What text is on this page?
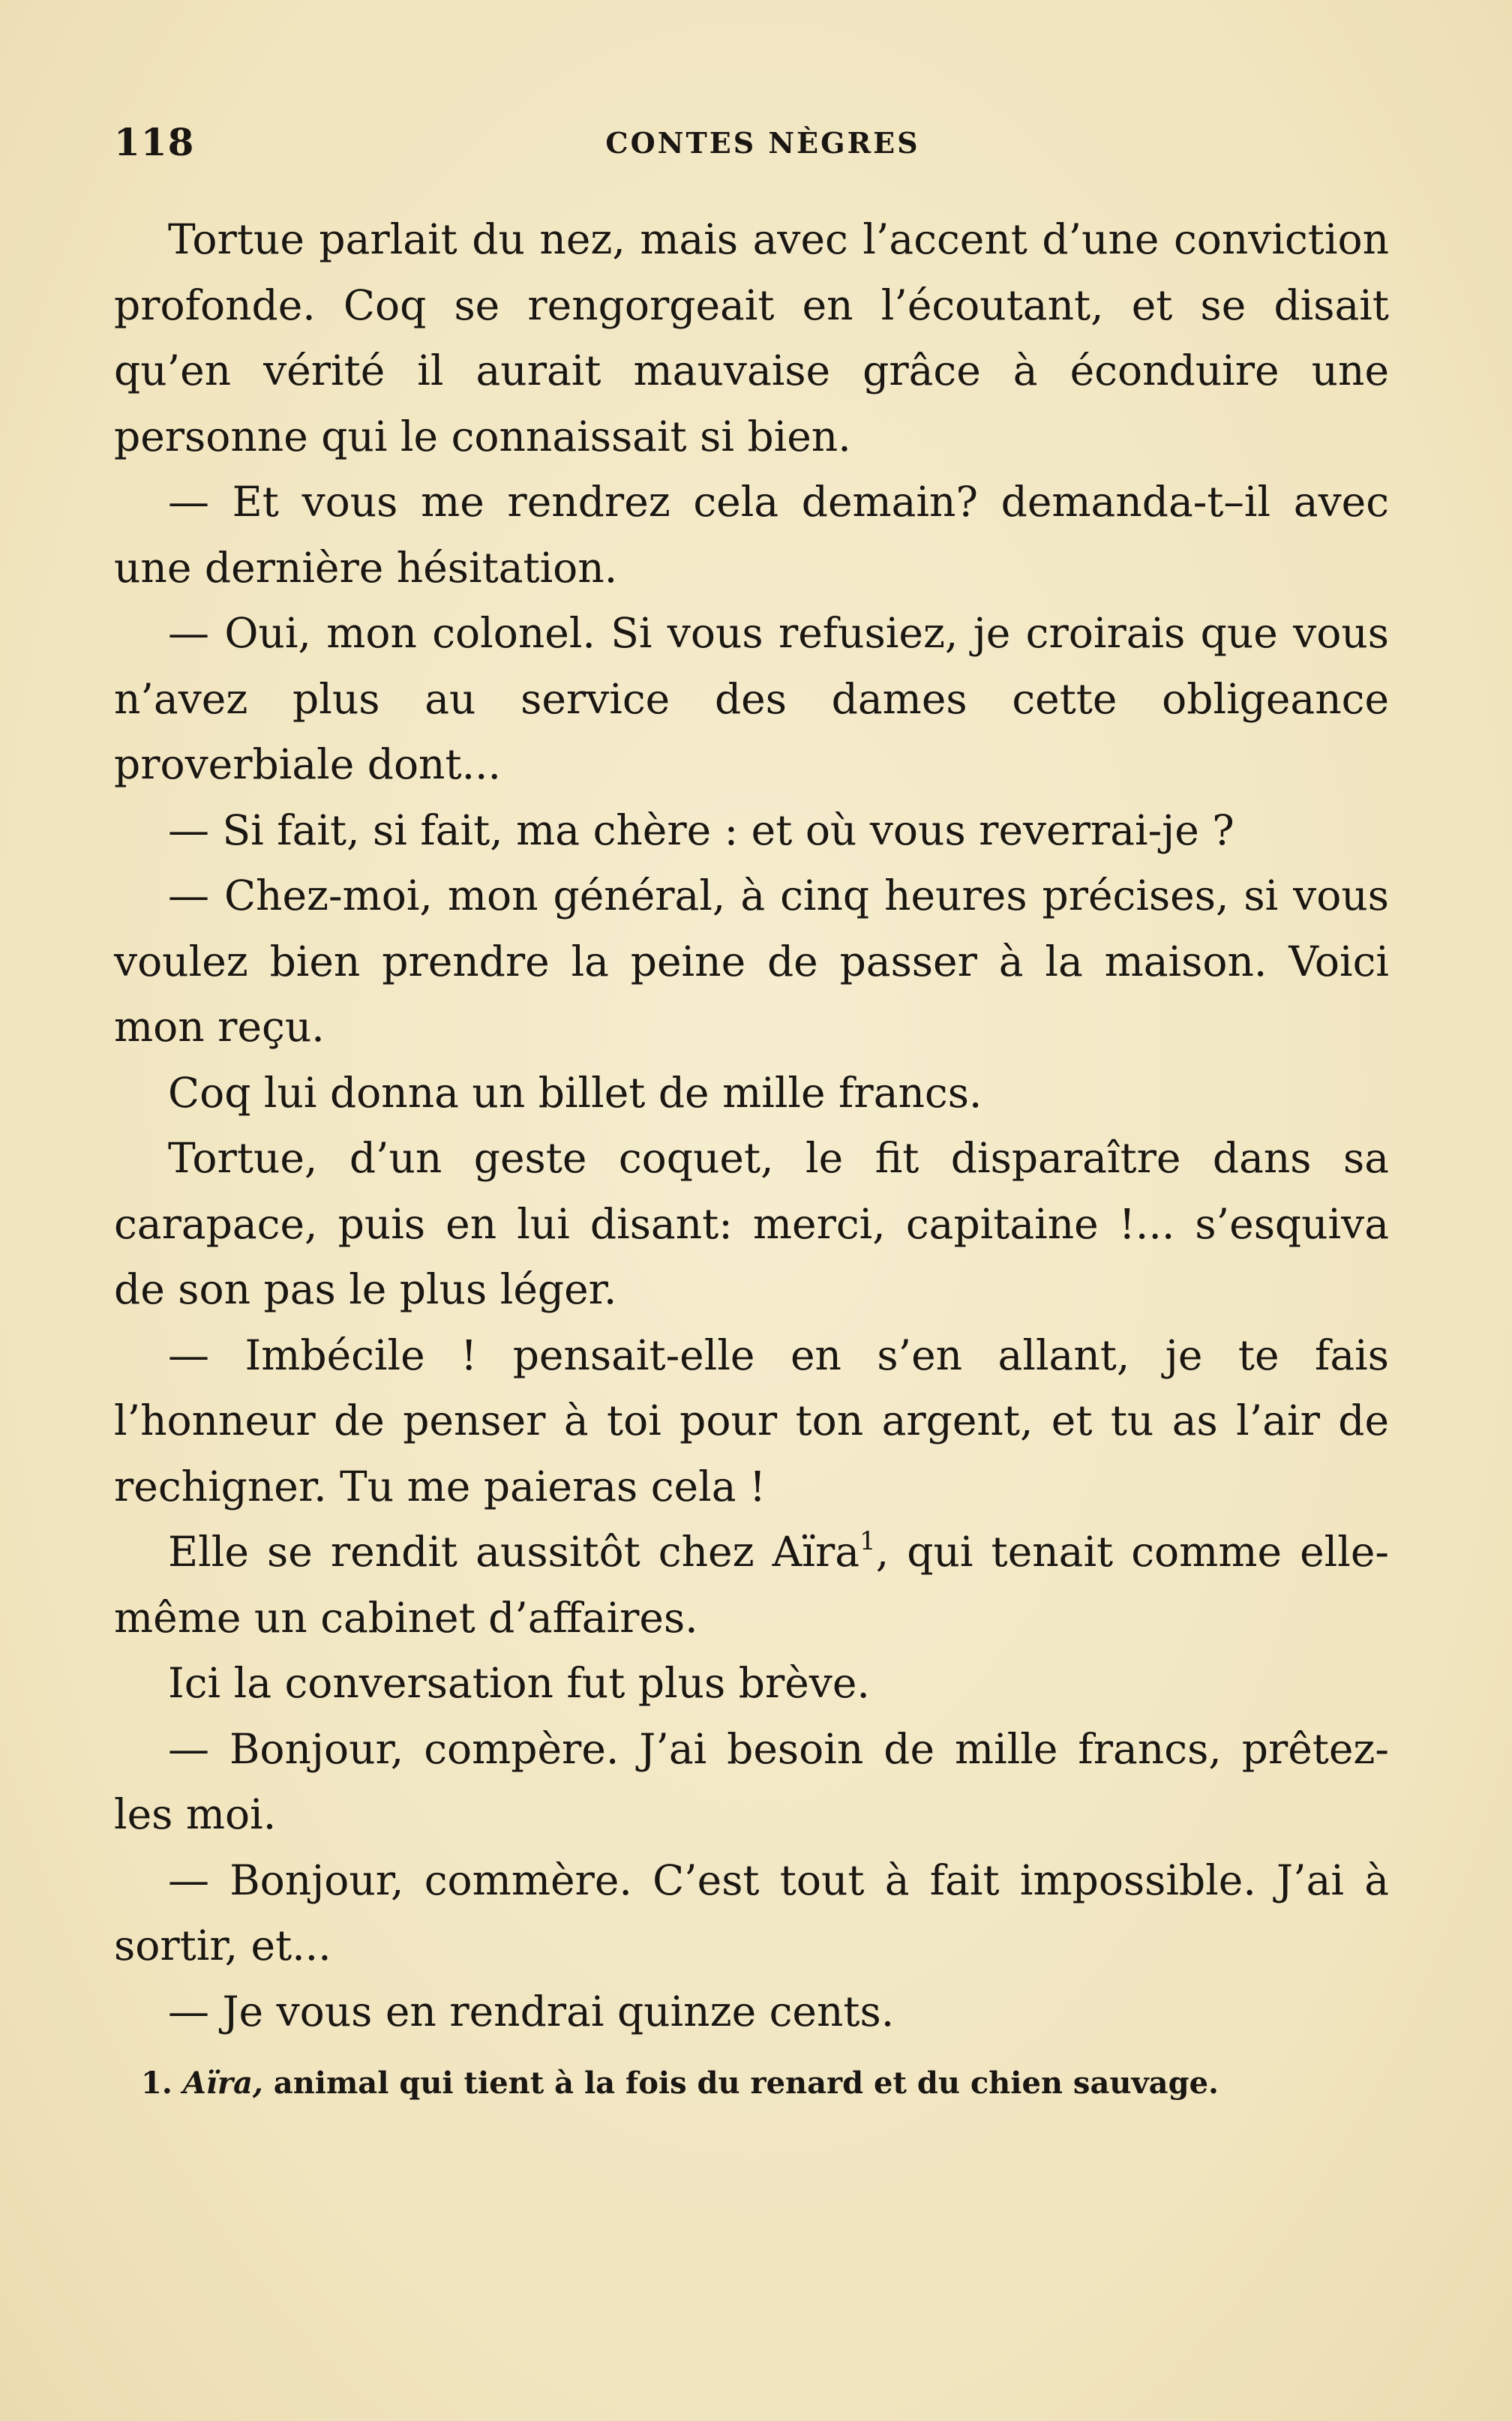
118	CONTES NÈGRES

Tortue parlait du nez, mais avec l’accent d’une conviction profonde. Coq se rengorgeait en l’écoutant, et se disait qu’en vérité il aurait mauvaise grâce à éconduire une personne qui le connaissait si bien.

— Et vous me rendrez cela demain? demanda-t–il avec une dernière hésitation.

— Oui, mon colonel. Si vous refusiez, je croirais que vous n’avez plus au service des dames cette obligeance proverbiale dont...

— Si fait, si fait, ma chère : et où vous reverrai-je ?

— Chez-moi, mon général, à cinq heures précises, si vous voulez bien prendre la peine de passer à la maison. Voici mon reçu.

Coq lui donna un billet de mille francs.

Tortue, d’un geste coquet, le fit disparaître dans sa carapace, puis en lui disant: merci, capitaine !... s’esquiva de son pas le plus léger.

— Imbécile ! pensait-elle en s’en allant, je te fais l’honneur de penser à toi pour ton argent, et tu as l’air de rechigner. Tu me paieras cela !

Elle se rendit aussitôt chez Aïra$^1$, qui tenait comme elle-même un cabinet d’affaires.

Ici la conversation fut plus brève.

— Bonjour, compère. J’ai besoin de mille francs, prêtez-les moi.

— Bonjour, commère. C’est tout à fait impossible. J’ai à sortir, et...

— Je vous en rendrai quinze cents.

1. Aïra, animal qui tient à la fois du renard et du chien sauvage.
